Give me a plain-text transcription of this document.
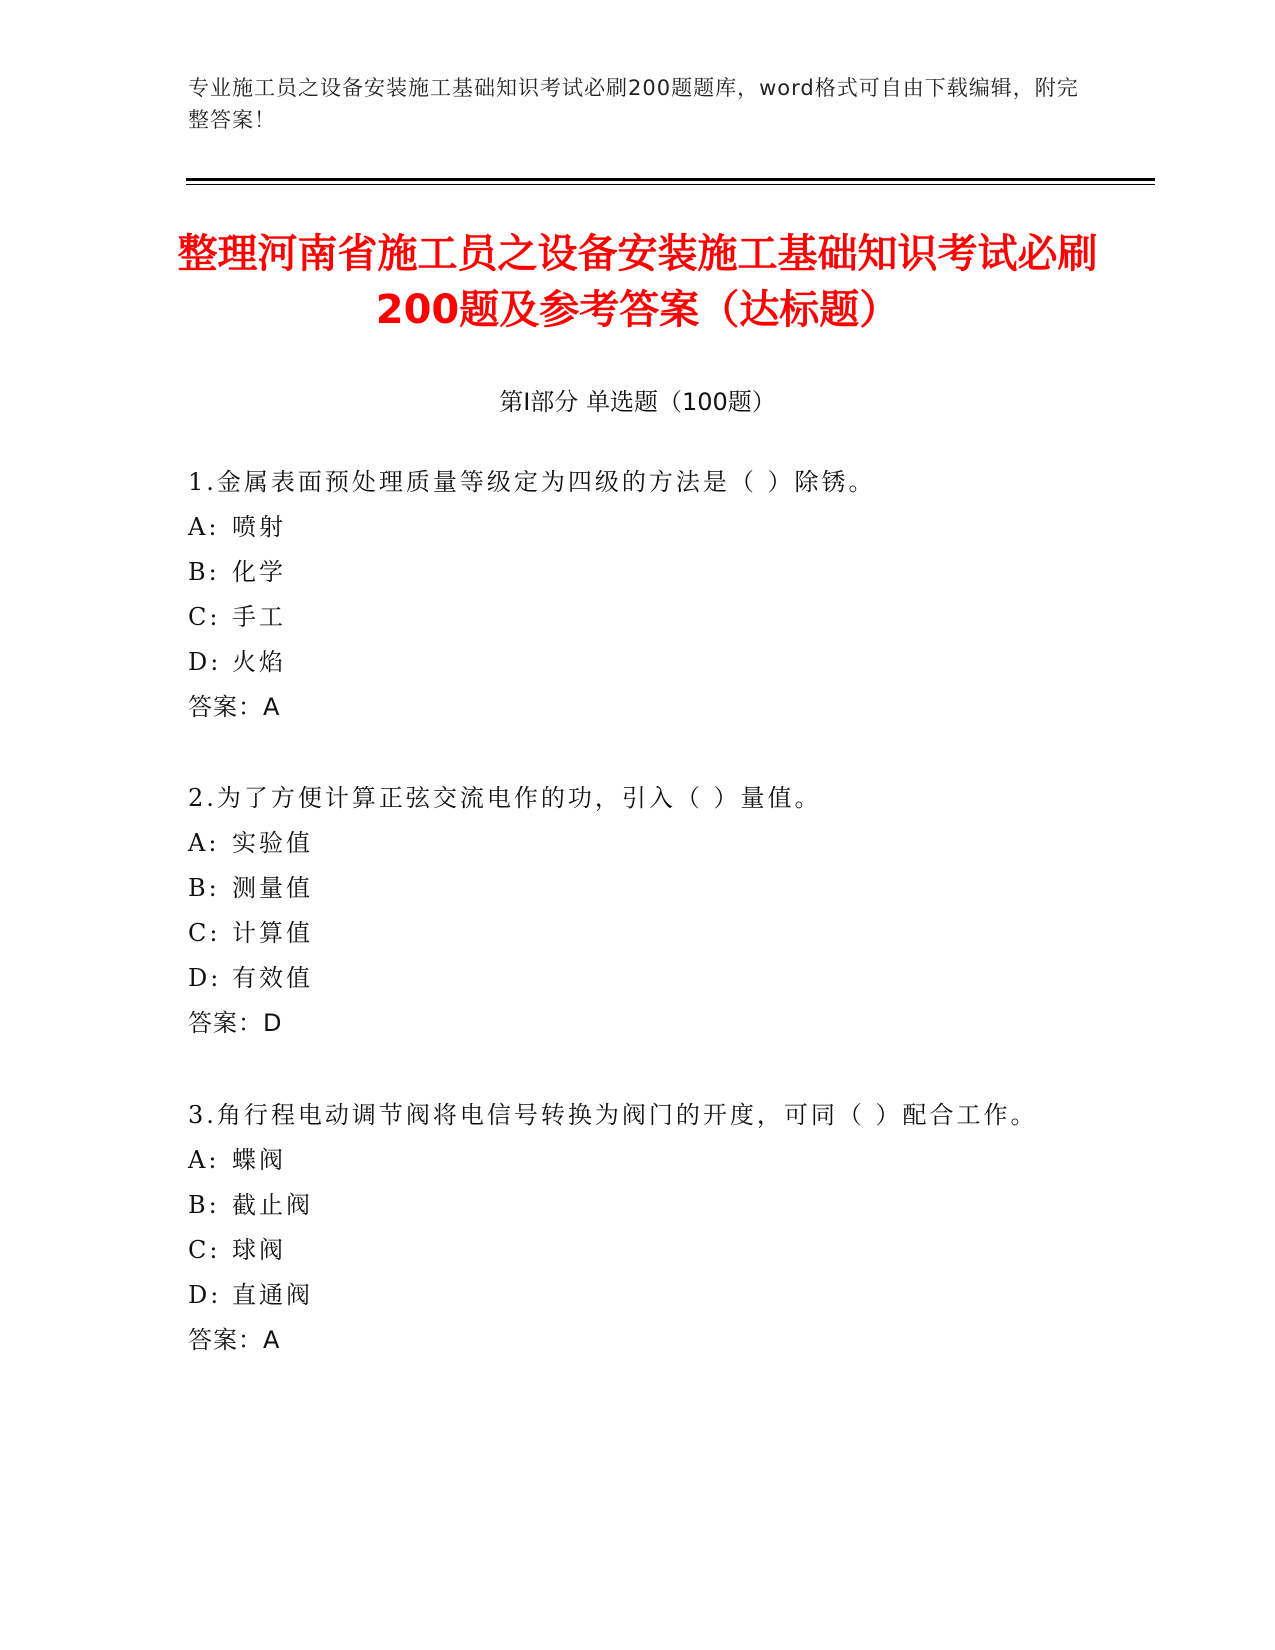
专业施工员之设备安装施工基础知识考试必刷200题题库，word格式可自由下载编辑，附完整答案！
整理河南省施工员之设备安装施工基础知识考试必刷200题及参考答案（达标题）
第I部分 单选题（100题）

1.金属表面预处理质量等级定为四级的方法是（ ）除锈。

A: 喷射

B: 化学

C: 手工

D: 火焰

答案：A

2.为了方便计算正弦交流电作的功，引入（ ）量值。

A: 实验值

B: 测量值

C: 计算值

D: 有效值

答案：D

3.角行程电动调节阀将电信号转换为阀门的开度，可同（ ）配合工作。

A: 蝶阀

B: 截止阀

C: 球阀

D: 直通阀

答案：A
